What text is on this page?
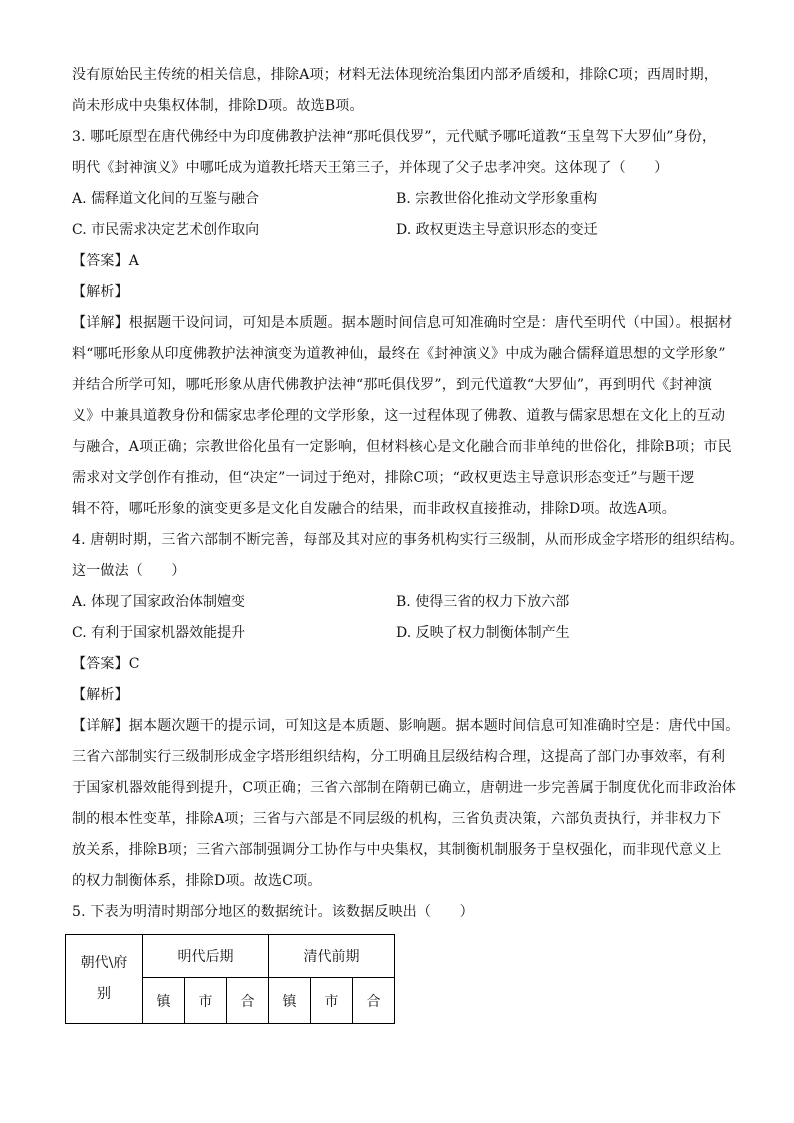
没有原始民主传统的相关信息，排除A项；材料无法体现统治集团内部矛盾缓和，排除C项；西周时期，
尚未形成中央集权体制，排除D项。故选B项。
3. 哪吒原型在唐代佛经中为印度佛教护法神“那吒俱伐罗”，元代赋予哪吒道教“玉皇驾下大罗仙”身份，
明代《封神演义》中哪吒成为道教托塔天王第三子，并体现了父子忠孝冲突。这体现了（　　）
A. 儒释道文化间的互鉴与融合	B. 宗教世俗化推动文学形象重构
C. 市民需求决定艺术创作取向	D. 政权更迭主导意识形态的变迁
【答案】A
【解析】
【详解】根据题干设问词，可知是本质题。据本题时间信息可知准确时空是：唐代至明代（中国）。根据材
料“哪吒形象从印度佛教护法神演变为道教神仙，最终在《封神演义》中成为融合儒释道思想的文学形象”
并结合所学可知，哪吒形象从唐代佛教护法神“那吒俱伐罗”，到元代道教“大罗仙”，再到明代《封神演
义》中兼具道教身份和儒家忠孝伦理的文学形象，这一过程体现了佛教、道教与儒家思想在文化上的互动
与融合，A项正确；宗教世俗化虽有一定影响，但材料核心是文化融合而非单纯的世俗化，排除B项；市民
需求对文学创作有推动，但“决定”一词过于绝对，排除C项；“政权更迭主导意识形态变迁”与题干逻
辑不符，哪吒形象的演变更多是文化自发融合的结果，而非政权直接推动，排除D项。故选A项。
4. 唐朝时期，三省六部制不断完善，每部及其对应的事务机构实行三级制，从而形成金字塔形的组织结构。
这一做法（　　）
A. 体现了国家政治体制嬗变	B. 使得三省的权力下放六部
C. 有利于国家机器效能提升	D. 反映了权力制衡体制产生
【答案】C
【解析】
【详解】据本题次题干的提示词，可知这是本质题、影响题。据本题时间信息可知准确时空是：唐代中国。
三省六部制实行三级制形成金字塔形组织结构，分工明确且层级结构合理，这提高了部门办事效率，有利
于国家机器效能得到提升，C项正确；三省六部制在隋朝已确立，唐朝进一步完善属于制度优化而非政治体
制的根本性变革，排除A项；三省与六部是不同层级的机构，三省负责决策，六部负责执行，并非权力下
放关系，排除B项；三省六部制强调分工协作与中央集权，其制衡机制服务于皇权强化，而非现代意义上
的权力制衡体系，排除D项。故选C项。
5. 下表为明清时期部分地区的数据统计。该数据反映出（　　）
朝代\府
别	明代后期			清代前期		
	镇	市	合	镇	市	合
